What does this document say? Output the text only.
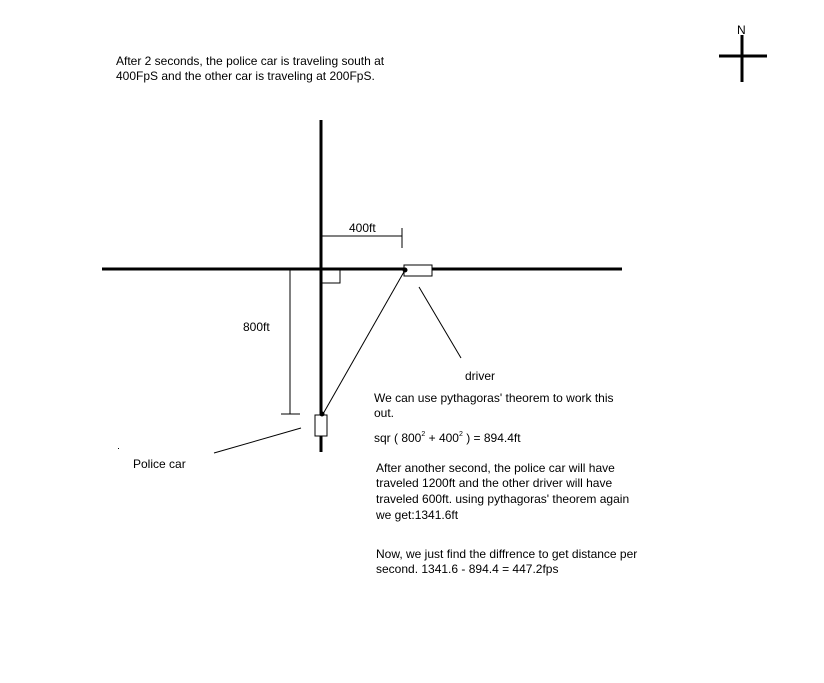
N
After 2 seconds, the police car is traveling south at
400FpS and the other car is traveling at 200FpS.
400ft
800ft
driver
Police car
We can use pythagoras' theorem to work this
out.
sqr ( $800^2 + 400^2$ ) = 894.4ft
After another second, the police car will have
traveled 1200ft and the other driver will have
traveled 600ft. using pythagoras' theorem again
we get:1341.6ft
Now, we just find the diffrence to get distance per
second. 1341.6 - 894.4 = 447.2fps
